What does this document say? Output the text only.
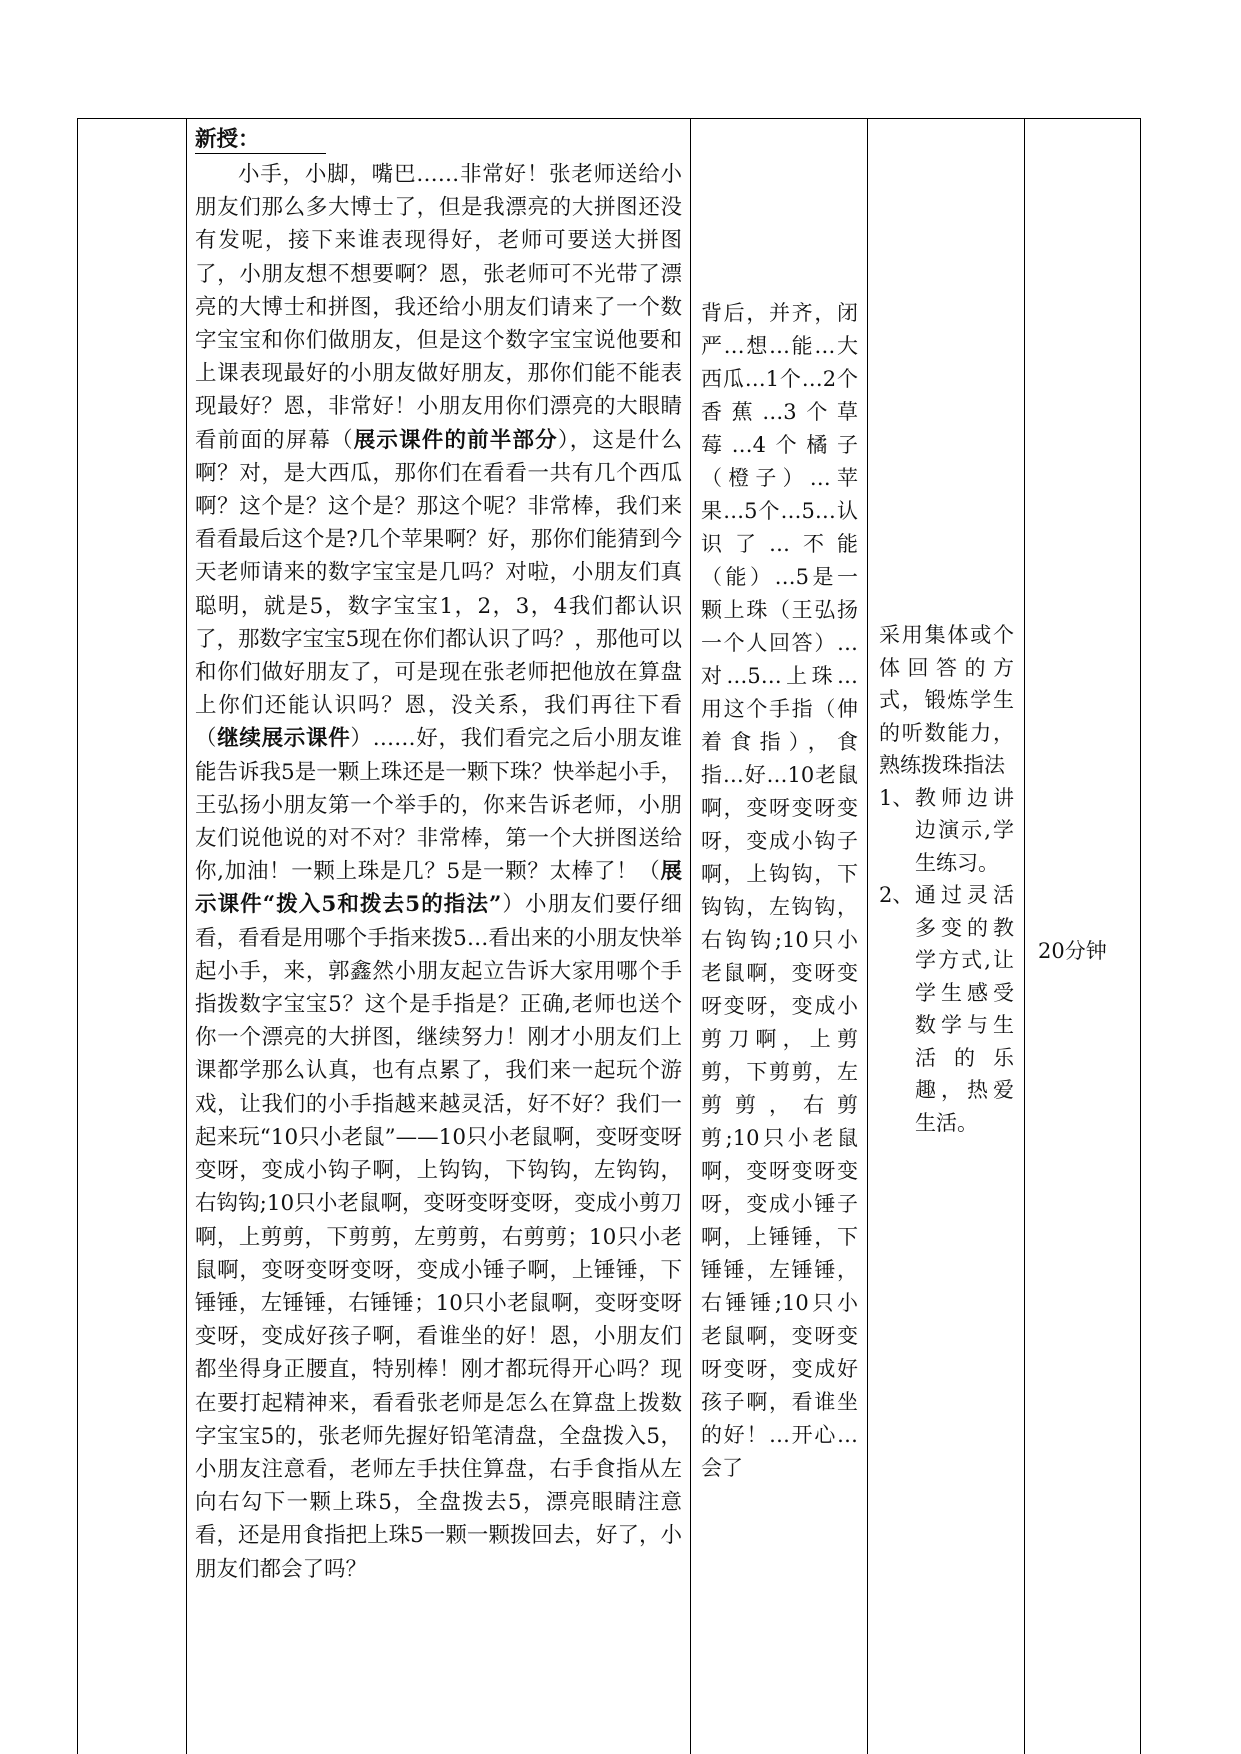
新授：

小手，小脚，嘴巴……非常好！张老师送给小朋友们那么多大博士了，但是我漂亮的大拼图还没有发呢，接下来谁表现得好，老师可要送大拼图了，小朋友想不想要啊？恩，张老师可不光带了漂亮的大博士和拼图，我还给小朋友们请来了一个数字宝宝和你们做朋友，但是这个数字宝宝说他要和上课表现最好的小朋友做好朋友，那你们能不能表现最好？恩，非常好！小朋友用你们漂亮的大眼睛看前面的屏幕（展示课件的前半部分），这是什么啊？对，是大西瓜，那你们在看看一共有几个西瓜啊？这个是？这个是？那这个呢？非常棒，我们来看看最后这个是?几个苹果啊？好，那你们能猜到今天老师请来的数字宝宝是几吗？对啦，小朋友们真聪明，就是5，数字宝宝1，2，3，4我们都认识了，那数字宝宝5现在你们都认识了吗？，那他可以和你们做好朋友了，可是现在张老师把他放在算盘上你们还能认识吗？恩，没关系，我们再往下看（继续展示课件）……好，我们看完之后小朋友谁能告诉我5是一颗上珠还是一颗下珠？快举起小手，王弘扬小朋友第一个举手的，你来告诉老师，小朋友们说他说的对不对？非常棒，第一个大拼图送给你,加油！一颗上珠是几？5是一颗？太棒了！（展示课件“拨入5和拨去5的指法”）小朋友们要仔细看，看看是用哪个手指来拨5…看出来的小朋友快举起小手，来，郭鑫然小朋友起立告诉大家用哪个手指拨数字宝宝5？这个是手指是？正确,老师也送个你一个漂亮的大拼图，继续努力！刚才小朋友们上课都学那么认真，也有点累了，我们来一起玩个游戏，让我们的小手指越来越灵活，好不好？我们一起来玩“10只小老鼠”——10只小老鼠啊，变呀变呀变呀，变成小钩子啊，上钩钩，下钩钩，左钩钩，右钩钩;10只小老鼠啊，变呀变呀变呀，变成小剪刀啊，上剪剪，下剪剪，左剪剪，右剪剪；10只小老鼠啊，变呀变呀变呀，变成小锤子啊，上锤锤，下锤锤，左锤锤，右锤锤；10只小老鼠啊，变呀变呀变呀，变成好孩子啊，看谁坐的好！恩，小朋友们都坐得身正腰直，特别棒！刚才都玩得开心吗？现在要打起精神来，看看张老师是怎么在算盘上拨数字宝宝5的，张老师先握好铅笔清盘，全盘拨入5，小朋友注意看，老师左手扶住算盘，右手食指从左向右勾下一颗上珠5，全盘拨去5，漂亮眼睛注意看，还是用食指把上珠5一颗一颗拨回去，好了，小朋友们都会了吗？

背后，并齐，闭严…想…能…大西瓜…1个…2个香蕉…3个草莓…4个橘子（橙子）…苹果…5个…5…认识了…不能（能）…5是一颗上珠（王弘扬一个人回答）…对…5…上珠…用这个手指（伸着食指），食指…好…10老鼠啊，变呀变呀变呀，变成小钩子啊，上钩钩，下钩钩，左钩钩，右钩钩;10只小老鼠啊，变呀变呀变呀，变成小剪刀啊，上剪剪，下剪剪，左剪剪，右剪剪;10只小老鼠啊，变呀变呀变呀，变成小锤子啊，上锤锤，下锤锤，左锤锤，右锤锤;10只小老鼠啊，变呀变呀变呀，变成好孩子啊，看谁坐的好！…开心…会了
采用集体或个体回答的方式，锻炼学生的听数能力，熟练拨珠指法
1、 教师边讲边演示,学生练习。
2、 通过灵活多变的教学方式,让学生感受数学与生活的乐趣，热爱生活。
20分钟
